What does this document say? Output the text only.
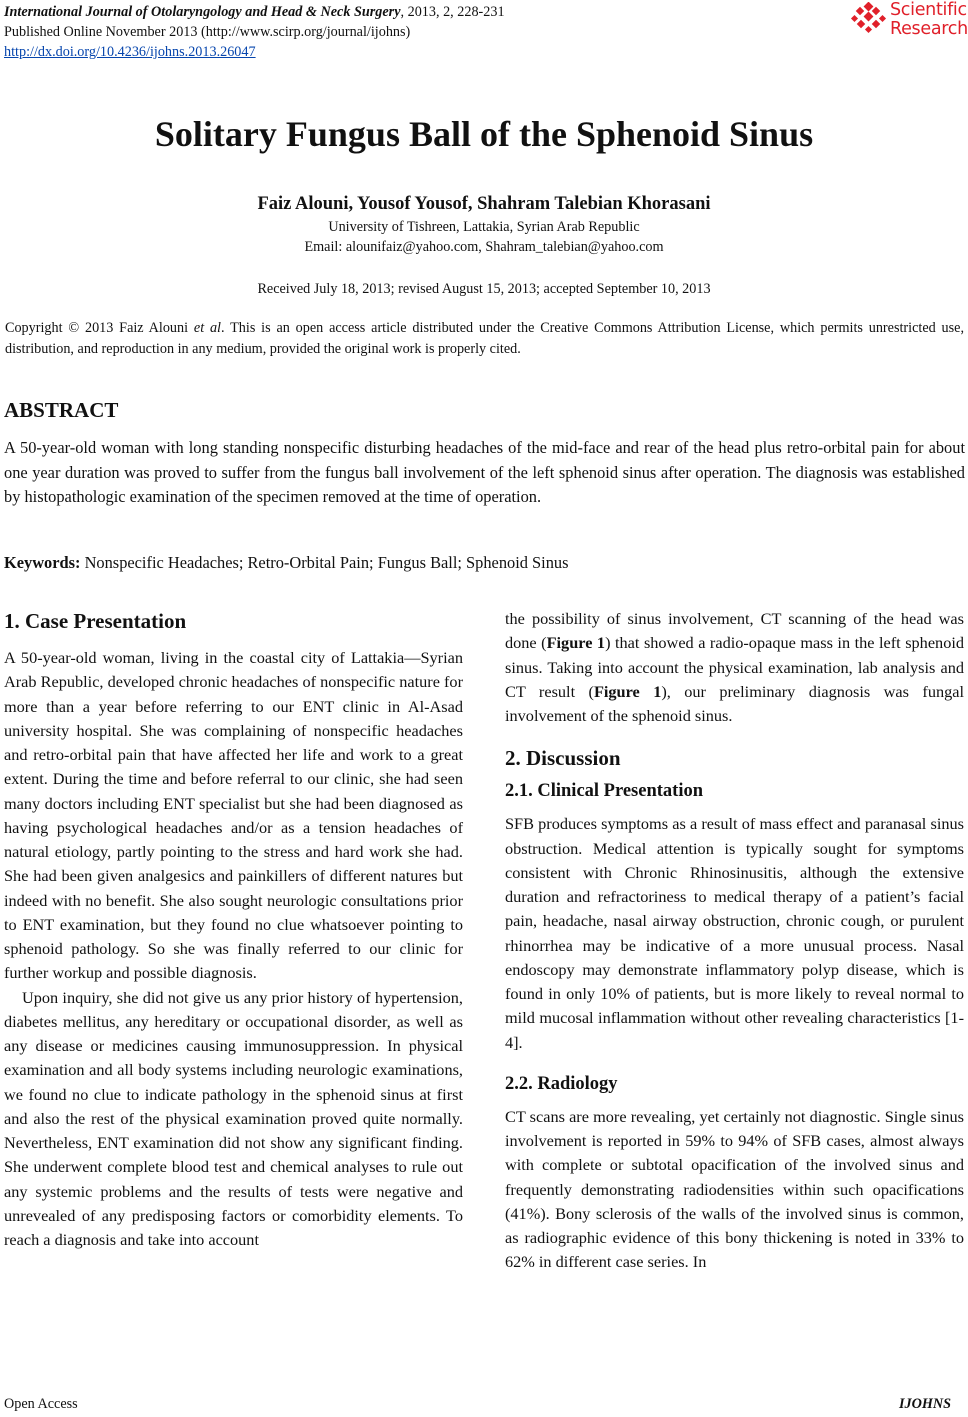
International Journal of Otolaryngology and Head & Neck Surgery, 2013, 2, 228-231
Published Online November 2013 (http://www.scirp.org/journal/ijohns)
http://dx.doi.org/10.4236/ijohns.2013.26047
Scientific
Research
Solitary Fungus Ball of the Sphenoid Sinus
Faiz Alouni, Yousof Yousof, Shahram Talebian Khorasani
University of Tishreen, Lattakia, Syrian Arab Republic
Email: alounifaiz@yahoo.com, Shahram_talebian@yahoo.com
Received July 18, 2013; revised August 15, 2013; accepted September 10, 2013
Copyright © 2013 Faiz Alouni et al. This is an open access article distributed under the Creative Commons Attribution License, which permits unrestricted use, distribution, and reproduction in any medium, provided the original work is properly cited.
ABSTRACT
A 50-year-old woman with long standing nonspecific disturbing headaches of the mid-face and rear of the head plus retro-orbital pain for about one year duration was proved to suffer from the fungus ball involvement of the left sphenoid sinus after operation. The diagnosis was established by histopathologic examination of the specimen removed at the time of operation.
Keywords: Nonspecific Headaches; Retro-Orbital Pain; Fungus Ball; Sphenoid Sinus
1. Case Presentation

A 50-year-old woman, living in the coastal city of Lattakia—Syrian Arab Republic, developed chronic headaches of nonspecific nature for more than a year before referring to our ENT clinic in Al-Asad university hospital. She was complaining of nonspecific headaches and retro-orbital pain that have affected her life and work to a great extent. During the time and before referral to our clinic, she had seen many doctors including ENT specialist but she had been diagnosed as having psychological headaches and/or as a tension headaches of natural etiology, partly pointing to the stress and hard work she had. She had been given analgesics and painkillers of different natures but indeed with no benefit. She also sought neurologic consultations prior to ENT examination, but they found no clue whatsoever pointing to sphenoid pathology. So she was finally referred to our clinic for further workup and possible diagnosis.

Upon inquiry, she did not give us any prior history of hypertension, diabetes mellitus, any hereditary or occupational disorder, as well as any disease or medicines causing immunosuppression. In physical examination and all body systems including neurologic examinations, we found no clue to indicate pathology in the sphenoid sinus at first and also the rest of the physical examination proved quite normally. Nevertheless, ENT examination did not show any significant finding. She underwent complete blood test and chemical analyses to rule out any systemic problems and the results of tests were negative and unrevealed of any predisposing factors or comorbidity elements. To reach a diagnosis and take into account

the possibility of sinus involvement, CT scanning of the head was done (Figure 1) that showed a radio-opaque mass in the left sphenoid sinus. Taking into account the physical examination, lab analysis and CT result (Figure 1), our preliminary diagnosis was fungal involvement of the sphenoid sinus.

2. Discussion
2.1. Clinical Presentation

SFB produces symptoms as a result of mass effect and paranasal sinus obstruction. Medical attention is typically sought for symptoms consistent with Chronic Rhinosinusitis, although the extensive duration and refractoriness to medical therapy of a patient’s facial pain, headache, nasal airway obstruction, chronic cough, or purulent rhinorrhea may be indicative of a more unusual process. Nasal endoscopy may demonstrate inflammatory polyp disease, which is found in only 10% of patients, but is more likely to reveal normal to mild mucosal inflammation without other revealing characteristics [1-4].

2.2. Radiology

CT scans are more revealing, yet certainly not diagnostic. Single sinus involvement is reported in 59% to 94% of SFB cases, almost always with complete or subtotal opacification of the involved sinus and frequently demonstrating radiodensities within such opacifications (41%). Bony sclerosis of the walls of the involved sinus is common, as radiographic evidence of this bony thickening is noted in 33% to 62% in different case series. In

Open Access	IJOHNS
